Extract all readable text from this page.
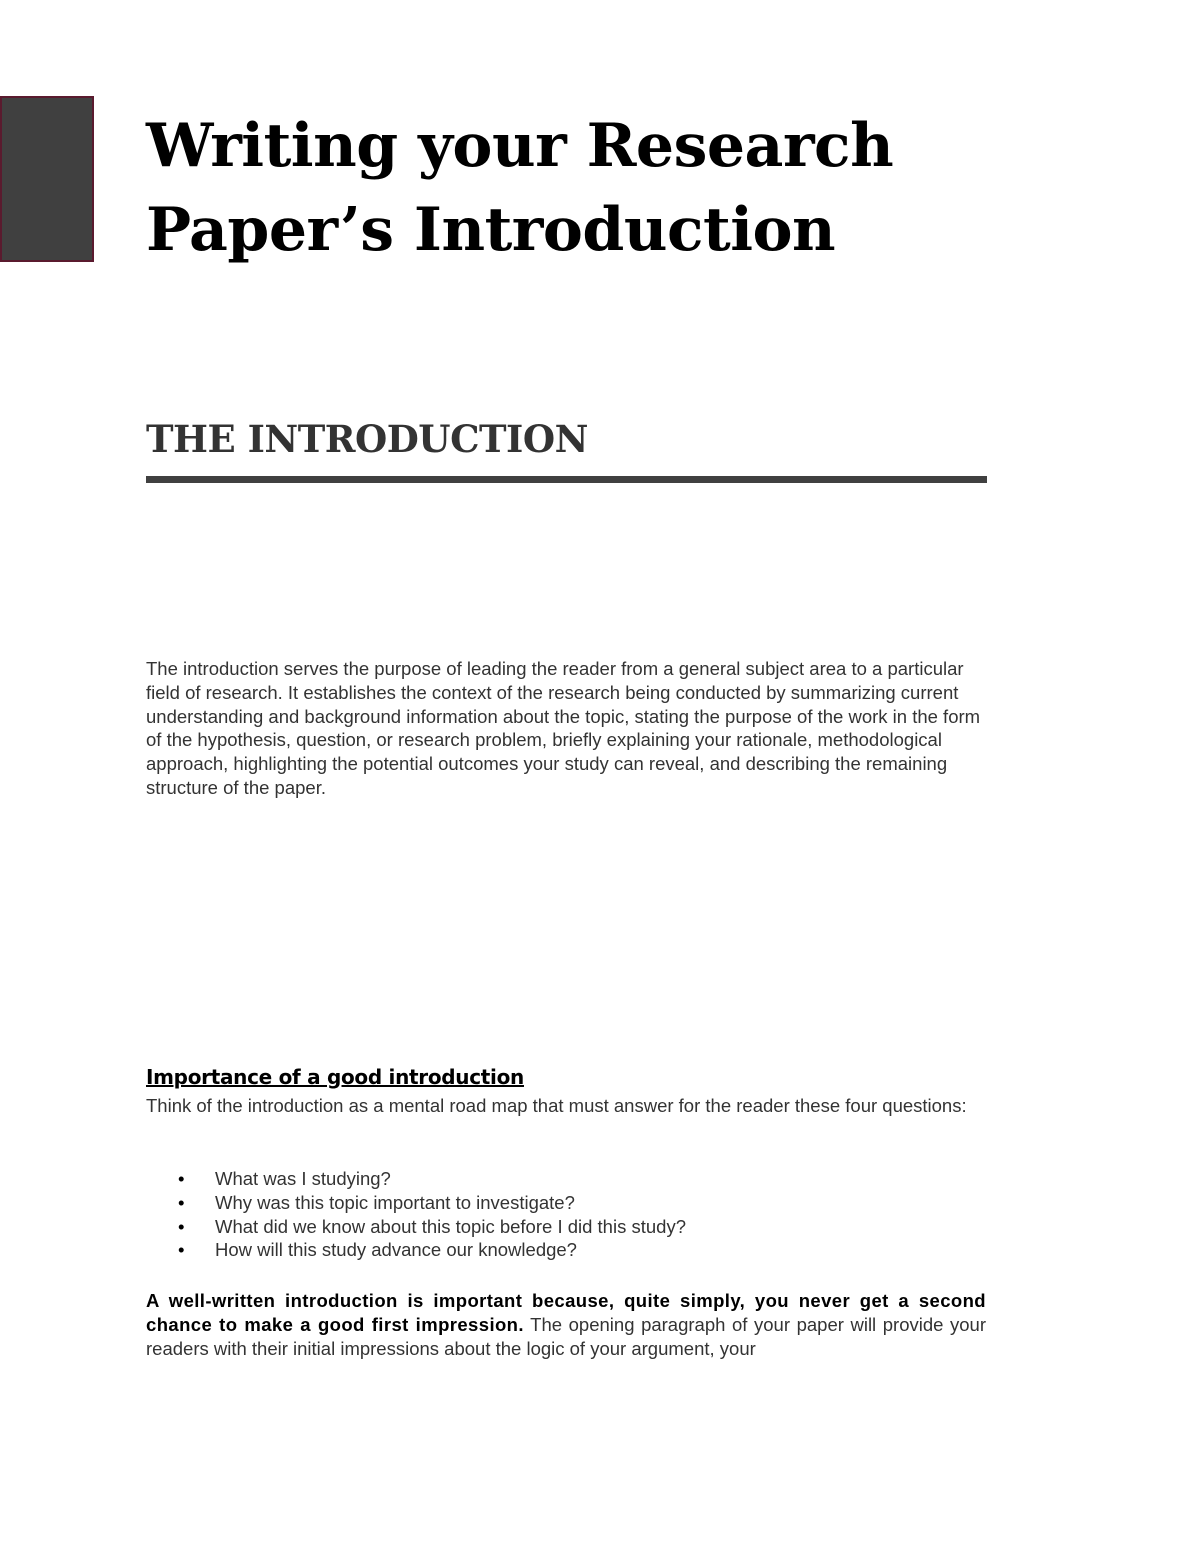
Writing your Research Paper’s Introduction
THE INTRODUCTION

The introduction serves the purpose of leading the reader from a general subject area to a particular field of research. It establishes the context of the research being conducted by summarizing current understanding and background information about the topic, stating the purpose of the work in the form of the hypothesis, question, or research problem, briefly explaining your rationale, methodological approach, highlighting the potential outcomes your study can reveal, and describing the remaining structure of the paper.

Importance of a good introduction

Think of the introduction as a mental road map that must answer for the reader these four questions:

• What was I studying?
• Why was this topic important to investigate?
• What did we know about this topic before I did this study?
• How will this study advance our knowledge?

A well-written introduction is important because, quite simply, you never get a second chance to make a good first impression. The opening paragraph of your paper will provide your readers with their initial impressions about the logic of your argument, your
